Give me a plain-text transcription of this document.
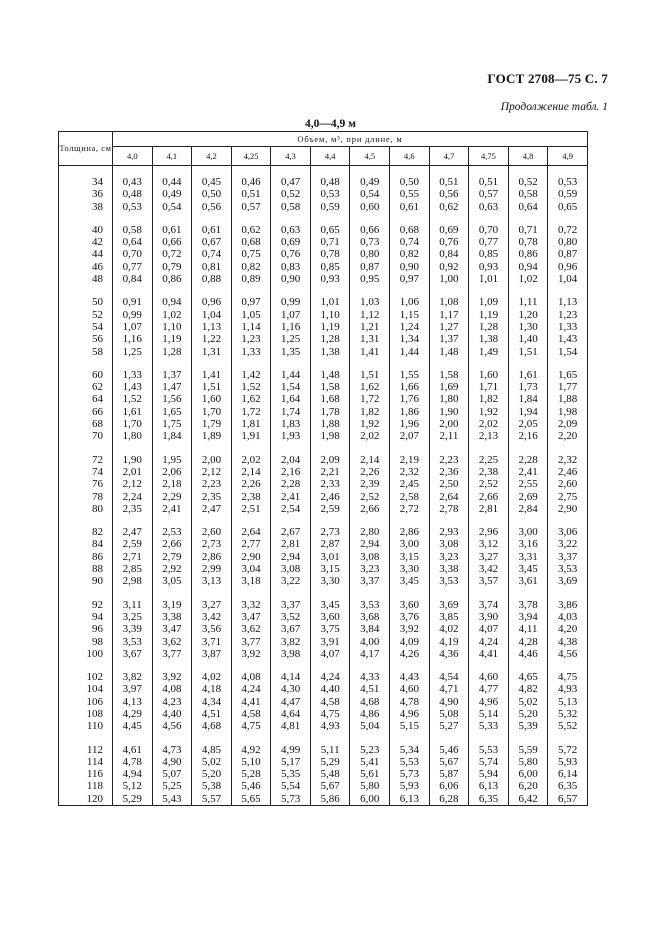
ГОСТ 2708—75 С. 7
Продолжение табл. 1
4,0—4,9 м
Толщина, см	Объем, м³, при длине, м											
	4,0	4,1	4,2	4,25	4,3	4,4	4,5	4,6	4,7	4,75	4,8	4,9
34	0,43	0,44	0,45	0,46	0,47	0,48	0,49	0,50	0,51	0,51	0,52	0,53
36	0,48	0,49	0,50	0,51	0,52	0,53	0,54	0,55	0,56	0,57	0,58	0,59
38	0,53	0,54	0,56	0,57	0,58	0,59	0,60	0,61	0,62	0,63	0,64	0,65
40	0,58	0,61	0,61	0,62	0,63	0,65	0,66	0,68	0,69	0,70	0,71	0,72
42	0,64	0,66	0,67	0,68	0,69	0,71	0,73	0,74	0,76	0,77	0,78	0,80
44	0,70	0,72	0,74	0,75	0,76	0,78	0,80	0,82	0,84	0,85	0,86	0,87
46	0,77	0,79	0,81	0,82	0,83	0,85	0,87	0,90	0,92	0,93	0,94	0,96
48	0,84	0,86	0,88	0,89	0,90	0,93	0,95	0,97	1,00	1,01	1,02	1,04
50	0,91	0,94	0,96	0,97	0,99	1,01	1,03	1,06	1,08	1,09	1,11	1,13
52	0,99	1,02	1,04	1,05	1,07	1,10	1,12	1,15	1,17	1,19	1,20	1,23
54	1,07	1,10	1,13	1,14	1,16	1,19	1,21	1,24	1,27	1,28	1,30	1,33
56	1,16	1,19	1,22	1,23	1,25	1,28	1,31	1,34	1,37	1,38	1,40	1,43
58	1,25	1,28	1,31	1,33	1,35	1,38	1,41	1,44	1,48	1,49	1,51	1,54
60	1,33	1,37	1,41	1,42	1,44	1,48	1,51	1,55	1,58	1,60	1,61	1,65
62	1,43	1,47	1,51	1,52	1,54	1,58	1,62	1,66	1,69	1,71	1,73	1,77
64	1,52	1,56	1,60	1,62	1,64	1,68	1,72	1,76	1,80	1,82	1,84	1,88
66	1,61	1,65	1,70	1,72	1,74	1,78	1,82	1,86	1,90	1,92	1,94	1,98
68	1,70	1,75	1,79	1,81	1,83	1,88	1,92	1,96	2,00	2,02	2,05	2,09
70	1,80	1,84	1,89	1,91	1,93	1,98	2,02	2,07	2,11	2,13	2,16	2,20
72	1,90	1,95	2,00	2,02	2,04	2,09	2,14	2,19	2,23	2,25	2,28	2,32
74	2,01	2,06	2,12	2,14	2,16	2,21	2,26	2,32	2,36	2,38	2,41	2,46
76	2,12	2,18	2,23	2,26	2,28	2,33	2,39	2,45	2,50	2,52	2,55	2,60
78	2,24	2,29	2,35	2,38	2,41	2,46	2,52	2,58	2,64	2,66	2,69	2,75
80	2,35	2,41	2,47	2,51	2,54	2,59	2,66	2,72	2,78	2,81	2,84	2,90
82	2,47	2,53	2,60	2,64	2,67	2,73	2,80	2,86	2,93	2,96	3,00	3,06
84	2,59	2,66	2,73	2,77	2,81	2,87	2,94	3,00	3,08	3,12	3,16	3,22
86	2,71	2,79	2,86	2,90	2,94	3,01	3,08	3,15	3,23	3,27	3,31	3,37
88	2,85	2,92	2,99	3,04	3,08	3,15	3,23	3,30	3,38	3,42	3,45	3,53
90	2,98	3,05	3,13	3,18	3,22	3,30	3,37	3,45	3,53	3,57	3,61	3,69
92	3,11	3,19	3,27	3,32	3,37	3,45	3,53	3,60	3,69	3,74	3,78	3,86
94	3,25	3,38	3,42	3,47	3,52	3,60	3,68	3,76	3,85	3,90	3,94	4,03
96	3,39	3,47	3,56	3,62	3,67	3,75	3,84	3,92	4,02	4,07	4,11	4,20
98	3,53	3,62	3,71	3,77	3,82	3,91	4,00	4,09	4,19	4,24	4,28	4,38
100	3,67	3,77	3,87	3,92	3,98	4,07	4,17	4,26	4,36	4,41	4,46	4,56
102	3,82	3,92	4,02	4,08	4,14	4,24	4,33	4,43	4,54	4,60	4,65	4,75
104	3,97	4,08	4,18	4,24	4,30	4,40	4,51	4,60	4,71	4,77	4,82	4,93
106	4,13	4,23	4,34	4,41	4,47	4,58	4,68	4,78	4,90	4,96	5,02	5,13
108	4,29	4,40	4,51	4,58	4,64	4,75	4,86	4,96	5,08	5,14	5,20	5,32
110	4,45	4,56	4,68	4,75	4,81	4,93	5,04	5,15	5,27	5,33	5,39	5,52
112	4,61	4,73	4,85	4,92	4,99	5,11	5,23	5,34	5,46	5,53	5,59	5,72
114	4,78	4,90	5,02	5,10	5,17	5,29	5,41	5,53	5,67	5,74	5,80	5,93
116	4,94	5,07	5,20	5,28	5,35	5,48	5,61	5,73	5,87	5,94	6,00	6,14
118	5,12	5,25	5,38	5,46	5,54	5,67	5,80	5,93	6,06	6,13	6,20	6,35
120	5,29	5,43	5,57	5,65	5,73	5,86	6,00	6,13	6,28	6,35	6,42	6,57
